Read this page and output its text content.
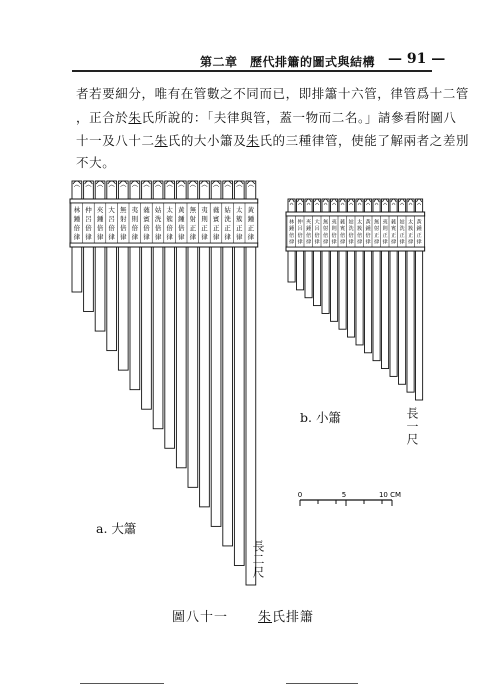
第二章　歷代排簫的圖式與結構 — 91 —
者若要細分，唯有在管數之不同而已，即排簫十六管，律管爲十二管
，正合於朱氏所說的：「夫律與管，蓋一物而二名。」請參看附圖八
十一及八十二朱氏的大小簫及朱氏的三種律管，使能了解兩者之差別
不大。
林鍾倍律
仲呂倍律
夾鍾倍律
大呂倍律
無射倍律
夷則倍律
蕤賓倍律
姑洗倍律
太簇倍律
黃鍾倍律
無射正律
夷則正律
蕤賓正律
姑洗正律
太簇正律
黃鍾正律
林鍾倍律
仲呂倍律
夾鍾倍律
大呂倍律
無射倍律
夷則倍律
蕤賓倍律
姑洗倍律
太簇倍律
黃鍾倍律
無射正律
夷則正律
蕤賓正律
姑洗正律
太簇正律
黃鍾正律
0	5	10 CM
a. 大簫
長二尺
b. 小簫	長一尺
圖八十一 朱氏排簫
